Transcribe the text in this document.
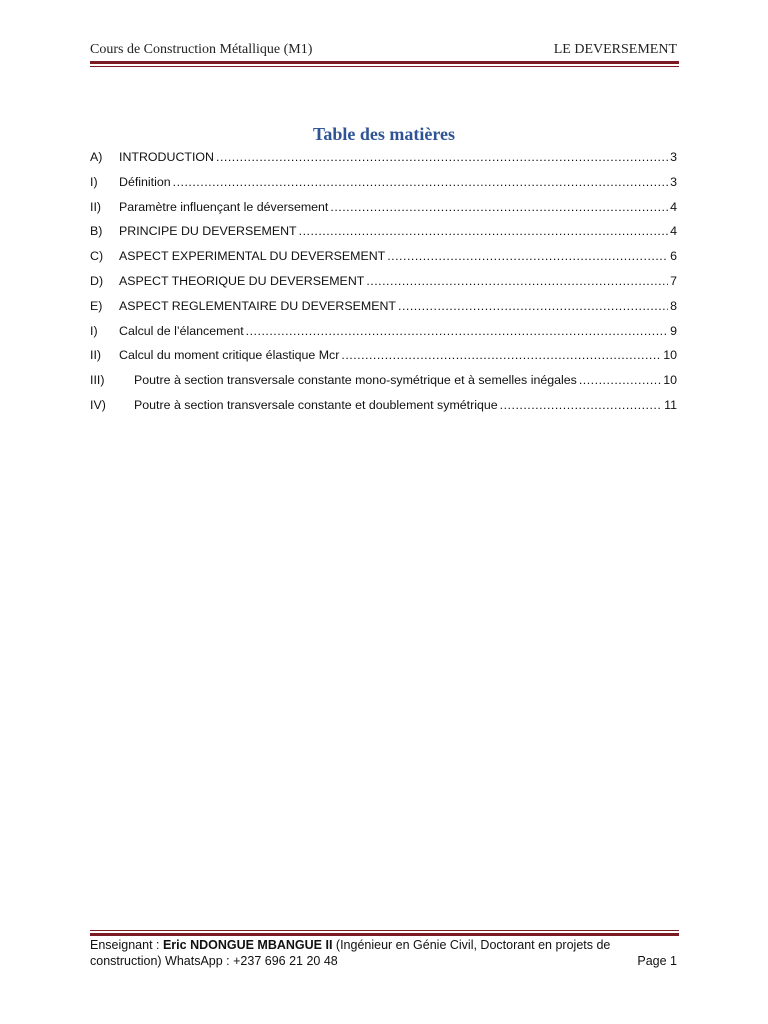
Cours de Construction Métallique (M1)	LE DEVERSEMENT
Table des matières
A) INTRODUCTION .....	3
I) Définition .....	3
II) Paramètre influençant le déversement .....	4
B) PRINCIPE DU DEVERSEMENT .....	4
C) ASPECT EXPERIMENTAL DU DEVERSEMENT .....	6
D) ASPECT THEORIQUE DU DEVERSEMENT .....	7
E) ASPECT REGLEMENTAIRE DU DEVERSEMENT .....	8
I) Calcul de l’élancement .....	9
II) Calcul du moment critique élastique Mcr .....	10
III) Poutre à section transversale constante mono-symétrique et à semelles inégales .....	10
IV) Poutre à section transversale constante et doublement symétrique .....	11
Enseignant : Eric NDONGUE MBANGUE II (Ingénieur en Génie Civil, Doctorant en projets de
construction) WhatsApp : +237 696 21 20 48	Page 1
